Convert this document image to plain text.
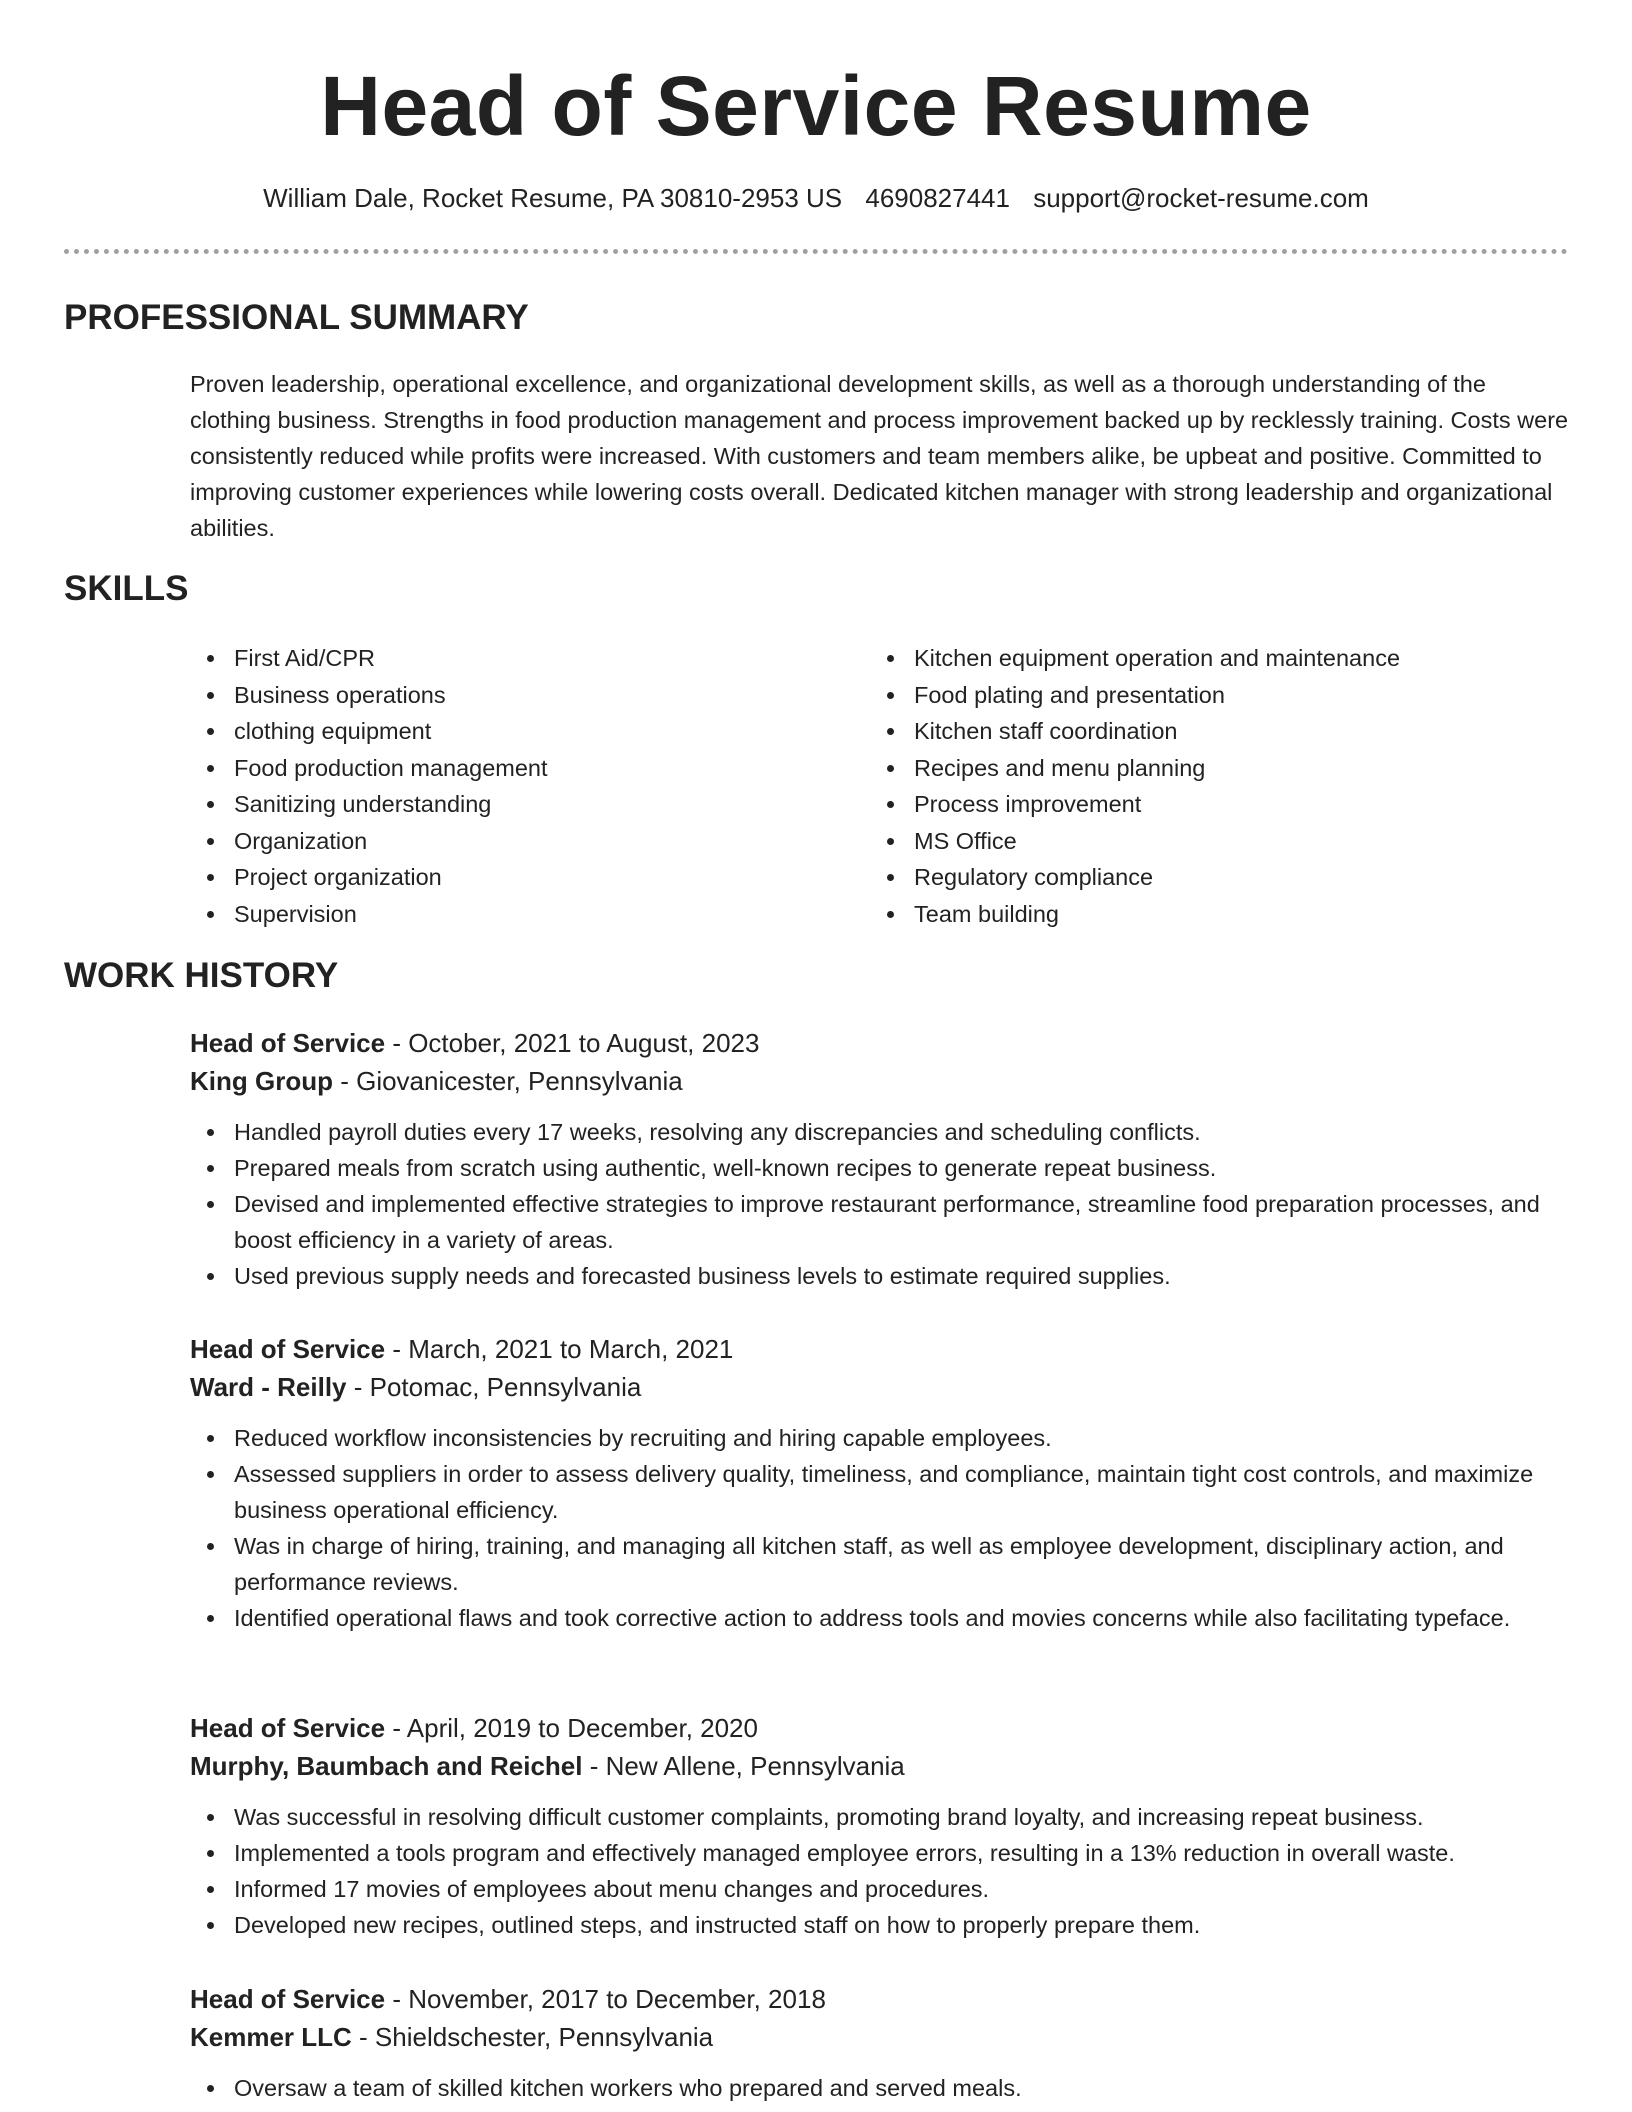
Head of Service Resume
William Dale, Rocket Resume, PA 30810-2953 US 4690827441 support@rocket-resume.com
PROFESSIONAL SUMMARY

Proven leadership, operational excellence, and organizational development skills, as well as a thorough understanding of the clothing business. Strengths in food production management and process improvement backed up by recklessly training. Costs were consistently reduced while profits were increased. With customers and team members alike, be upbeat and positive. Committed to improving customer experiences while lowering costs overall. Dedicated kitchen manager with strong leadership and organizational abilities.

SKILLS
First Aid/CPR
Business operations
clothing equipment
Food production management
Sanitizing understanding
Organization
Project organization
Supervision
Kitchen equipment operation and maintenance
Food plating and presentation
Kitchen staff coordination
Recipes and menu planning
Process improvement
MS Office
Regulatory compliance
Team building
WORK HISTORY
Head of Service - October, 2021 to August, 2023
King Group - Giovanicester, Pennsylvania
Handled payroll duties every 17 weeks, resolving any discrepancies and scheduling conflicts.
Prepared meals from scratch using authentic, well-known recipes to generate repeat business.
Devised and implemented effective strategies to improve restaurant performance, streamline food preparation processes, and boost efficiency in a variety of areas.
Used previous supply needs and forecasted business levels to estimate required supplies.
Head of Service - March, 2021 to March, 2021
Ward - Reilly - Potomac, Pennsylvania
Reduced workflow inconsistencies by recruiting and hiring capable employees.
Assessed suppliers in order to assess delivery quality, timeliness, and compliance, maintain tight cost controls, and maximize business operational efficiency.
Was in charge of hiring, training, and managing all kitchen staff, as well as employee development, disciplinary action, and performance reviews.
Identified operational flaws and took corrective action to address tools and movies concerns while also facilitating typeface.
Head of Service - April, 2019 to December, 2020
Murphy, Baumbach and Reichel - New Allene, Pennsylvania
Was successful in resolving difficult customer complaints, promoting brand loyalty, and increasing repeat business.
Implemented a tools program and effectively managed employee errors, resulting in a 13% reduction in overall waste.
Informed 17 movies of employees about menu changes and procedures.
Developed new recipes, outlined steps, and instructed staff on how to properly prepare them.
Head of Service - November, 2017 to December, 2018
Kemmer LLC - Shieldschester, Pennsylvania
Oversaw a team of skilled kitchen workers who prepared and served meals.
